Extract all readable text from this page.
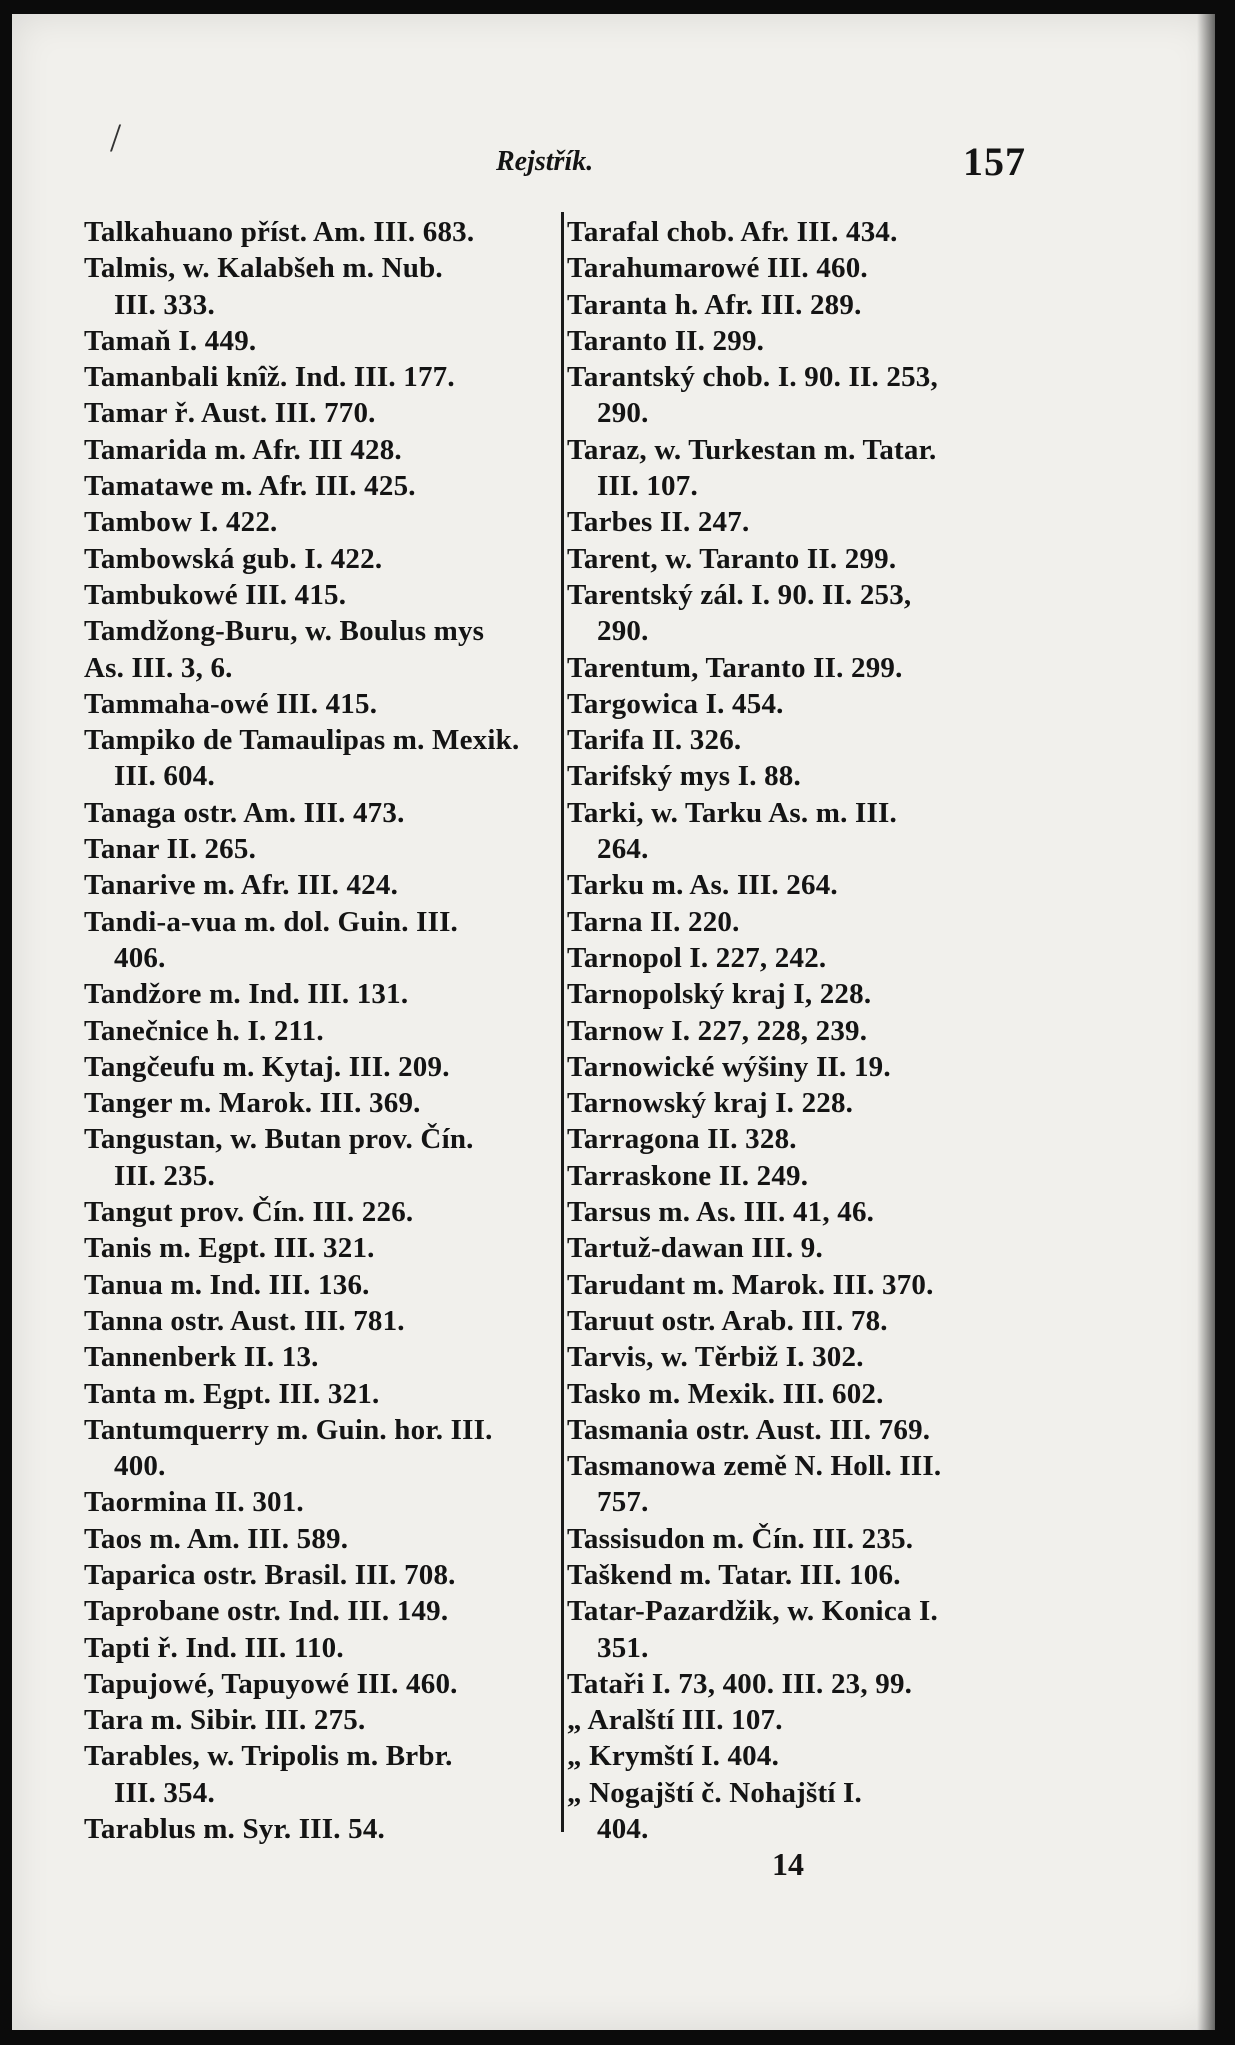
/
Rejstřík.	157
Talkahuano příst. Am. III. 683.
Talmis, w. Kalabšeh m. Nub.
III. 333.
Tamaň I. 449.
Tamanbali knîž. Ind. III. 177.
Tamar ř. Aust. III. 770.
Tamarida m. Afr. III 428.
Tamatawe m. Afr. III. 425.
Tambow I. 422.
Tambowská gub. I. 422.
Tambukowé III. 415.
Tamdžong-Buru, w. Boulus mys
As. III. 3, 6.
Tammaha-owé III. 415.
Tampiko de Tamaulipas m. Mexik.
III. 604.
Tanaga ostr. Am. III. 473.
Tanar II. 265.
Tanarive m. Afr. III. 424.
Tandi-a-vua m. dol. Guin. III.
406.
Tandžore m. Ind. III. 131.
Tanečnice h. I. 211.
Tangčeufu m. Kytaj. III. 209.
Tanger m. Marok. III. 369.
Tangustan, w. Butan prov. Čín.
III. 235.
Tangut prov. Čín. III. 226.
Tanis m. Egpt. III. 321.
Tanua m. Ind. III. 136.
Tanna ostr. Aust. III. 781.
Tannenberk II. 13.
Tanta m. Egpt. III. 321.
Tantumquerry m. Guin. hor. III.
400.
Taormina II. 301.
Taos m. Am. III. 589.
Taparica ostr. Brasil. III. 708.
Taprobane ostr. Ind. III. 149.
Tapti ř. Ind. III. 110.
Tapujowé, Tapuyowé III. 460.
Tara m. Sibir. III. 275.
Tarables, w. Tripolis m. Brbr.
III. 354.
Tarablus m. Syr. III. 54.
Tarafal chob. Afr. III. 434.
Tarahumarowé III. 460.
Taranta h. Afr. III. 289.
Taranto II. 299.
Tarantský chob. I. 90. II. 253,
290.
Taraz, w. Turkestan m. Tatar.
III. 107.
Tarbes II. 247.
Tarent, w. Taranto II. 299.
Tarentský zál. I. 90. II. 253,
290.
Tarentum, Taranto II. 299.
Targowica I. 454.
Tarifa II. 326.
Tarifský mys I. 88.
Tarki, w. Tarku As. m. III.
264.
Tarku m. As. III. 264.
Tarna II. 220.
Tarnopol I. 227, 242.
Tarnopolský kraj I, 228.
Tarnow I. 227, 228, 239.
Tarnowické wýšiny II. 19.
Tarnowský kraj I. 228.
Tarragona II. 328.
Tarraskone II. 249.
Tarsus m. As. III. 41, 46.
Tartuž-dawan III. 9.
Tarudant m. Marok. III. 370.
Taruut ostr. Arab. III. 78.
Tarvis, w. Těrbiž I. 302.
Tasko m. Mexik. III. 602.
Tasmania ostr. Aust. III. 769.
Tasmanowa země N. Holl. III.
757.
Tassisudon m. Čín. III. 235.
Taškend m. Tatar. III. 106.
Tatar-Pazardžik, w. Konica I.
351.
Tataři I. 73, 400. III. 23, 99.
„ Aralští III. 107.
„ Krymští I. 404.
„ Nogajští č. Nohajští I.
404.
14
